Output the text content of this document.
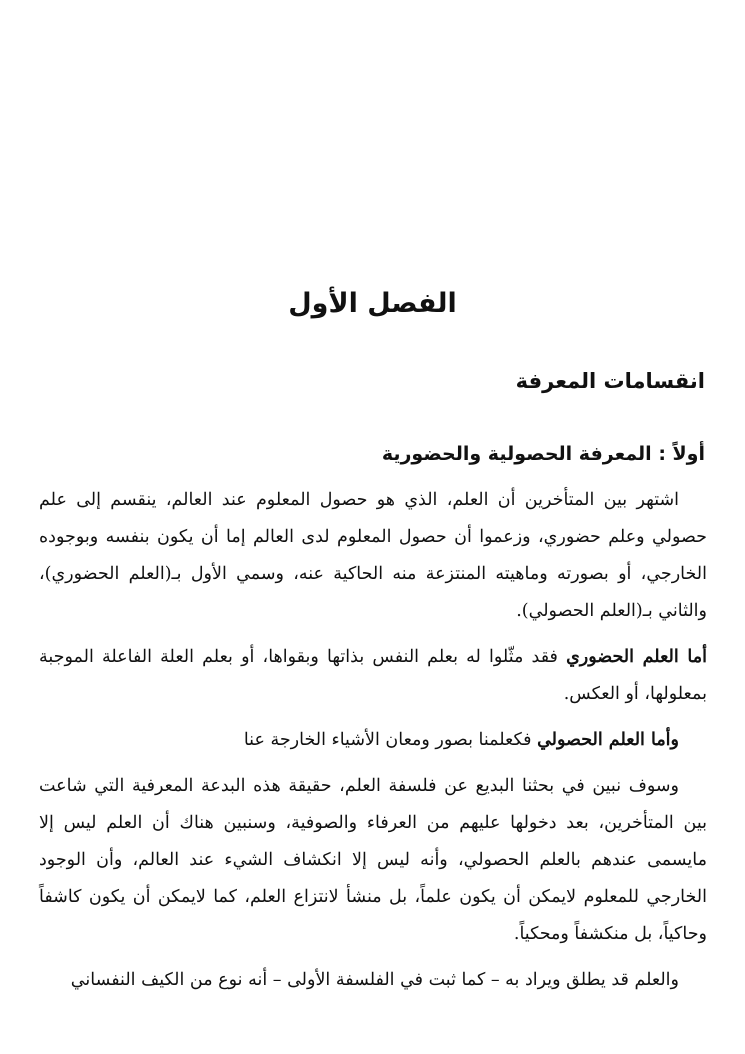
الفصل الأول
انقسامات المعرفة
أولاً : المعرفة الحصولية والحضورية

اشتهر بين المتأخرين أن العلم، الذي هو حصول المعلوم عند العالم، ينقسم إلى علم حصولي وعلم حضوري، وزعموا أن حصول المعلوم لدى العالم إما أن يكون بنفسه وبوجوده الخارجي، أو بصورته وماهيته المنتزعة منه الحاكية عنه، وسمي الأول بـ(العلم الحضوري)، والثاني بـ(العلم الحصولي).

أما العلم الحضوري فقد مثّلوا له بعلم النفس بذاتها وبقواها، أو بعلم العلة الفاعلة الموجبة بمعلولها، أو العكس.

وأما العلم الحصولي فكعلمنا بصور ومعان الأشياء الخارجة عنا

وسوف نبين في بحثنا البديع عن فلسفة العلم، حقيقة هذه البدعة المعرفية التي شاعت بين المتأخرين، بعد دخولها عليهم من العرفاء والصوفية، وسنبين هناك أن العلم ليس إلا مايسمى عندهم بالعلم الحصولي، وأنه ليس إلا انكشاف الشيء عند العالم، وأن الوجود الخارجي للمعلوم لايمكن أن يكون علماً، بل منشأ لانتزاع العلم، كما لايمكن أن يكون كاشفاً وحاكياً، بل منكشفاً ومحكياً.

والعلم قد يطلق ويراد به – كما ثبت في الفلسفة الأولى – أنه نوع من الكيف النفساني
